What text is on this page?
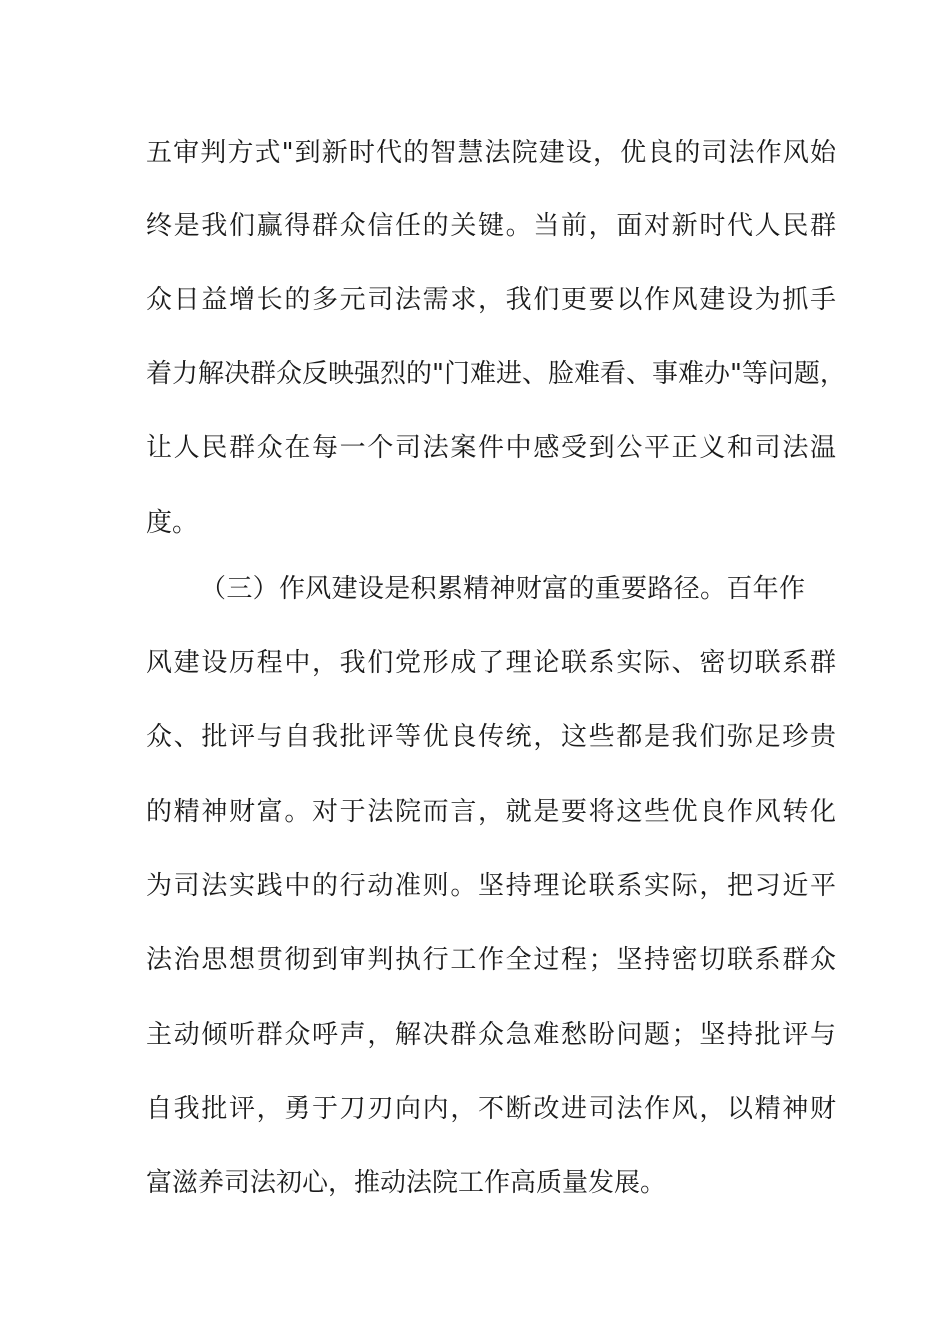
五审判方式"到新时代的智慧法院建设，优良的司法作风始
终是我们赢得群众信任的关键。当前，面对新时代人民群
众日益增长的多元司法需求，我们更要以作风建设为抓手
着力解决群众反映强烈的"门难进、脸难看、事难办"等问题，
让人民群众在每一个司法案件中感受到公平正义和司法温
度。
（三）作风建设是积累精神财富的重要路径。百年作
风建设历程中，我们党形成了理论联系实际、密切联系群
众、批评与自我批评等优良传统，这些都是我们弥足珍贵
的精神财富。对于法院而言，就是要将这些优良作风转化
为司法实践中的行动准则。坚持理论联系实际，把习近平
法治思想贯彻到审判执行工作全过程；坚持密切联系群众
主动倾听群众呼声，解决群众急难愁盼问题；坚持批评与
自我批评，勇于刀刃向内，不断改进司法作风，以精神财
富滋养司法初心，推动法院工作高质量发展。
